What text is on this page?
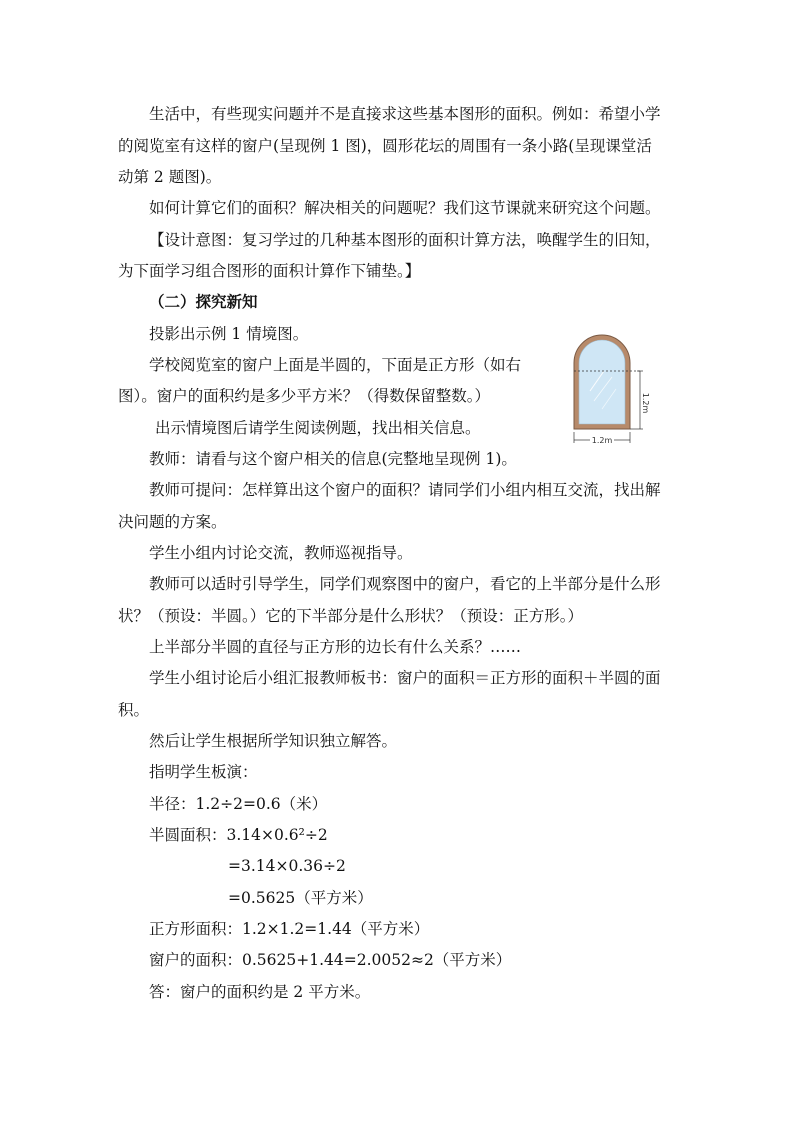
生活中，有些现实问题并不是直接求这些基本图形的面积。例如：希望小学

的阅览室有这样的窗户(呈现例 1 图)，圆形花坛的周围有一条小路(呈现课堂活

动第 2 题图)。

如何计算它们的面积？解决相关的问题呢？我们这节课就来研究这个问题。

【设计意图：复习学过的几种基本图形的面积计算方法，唤醒学生的旧知，

为下面学习组合图形的面积计算作下铺垫。】

（二）探究新知

投影出示例 1 情境图。

学校阅览室的窗户上面是半圆的，下面是正方形（如右

图）。窗户的面积约是多少平方米？（得数保留整数。）

出示情境图后请学生阅读例题，找出相关信息。

教师：请看与这个窗户相关的信息(完整地呈现例 1)。

教师可提问：怎样算出这个窗户的面积？请同学们小组内相互交流，找出解

决问题的方案。

学生小组内讨论交流，教师巡视指导。

教师可以适时引导学生，同学们观察图中的窗户，看它的上半部分是什么形

状？（预设：半圆。）它的下半部分是什么形状？（预设：正方形。）

上半部分半圆的直径与正方形的边长有什么关系？……

学生小组讨论后小组汇报教师板书：窗户的面积＝正方形的面积＋半圆的面

积。

然后让学生根据所学知识独立解答。

指明学生板演：

半径：1.2÷2=0.6（米）

半圆面积：3.14×0.6²÷2

=3.14×0.36÷2

=0.5625（平方米）

正方形面积：1.2×1.2=1.44（平方米）

窗户的面积：0.5625+1.44=2.0052≈2（平方米）

答：窗户的面积约是 2 平方米。

1.2m
1.2m
